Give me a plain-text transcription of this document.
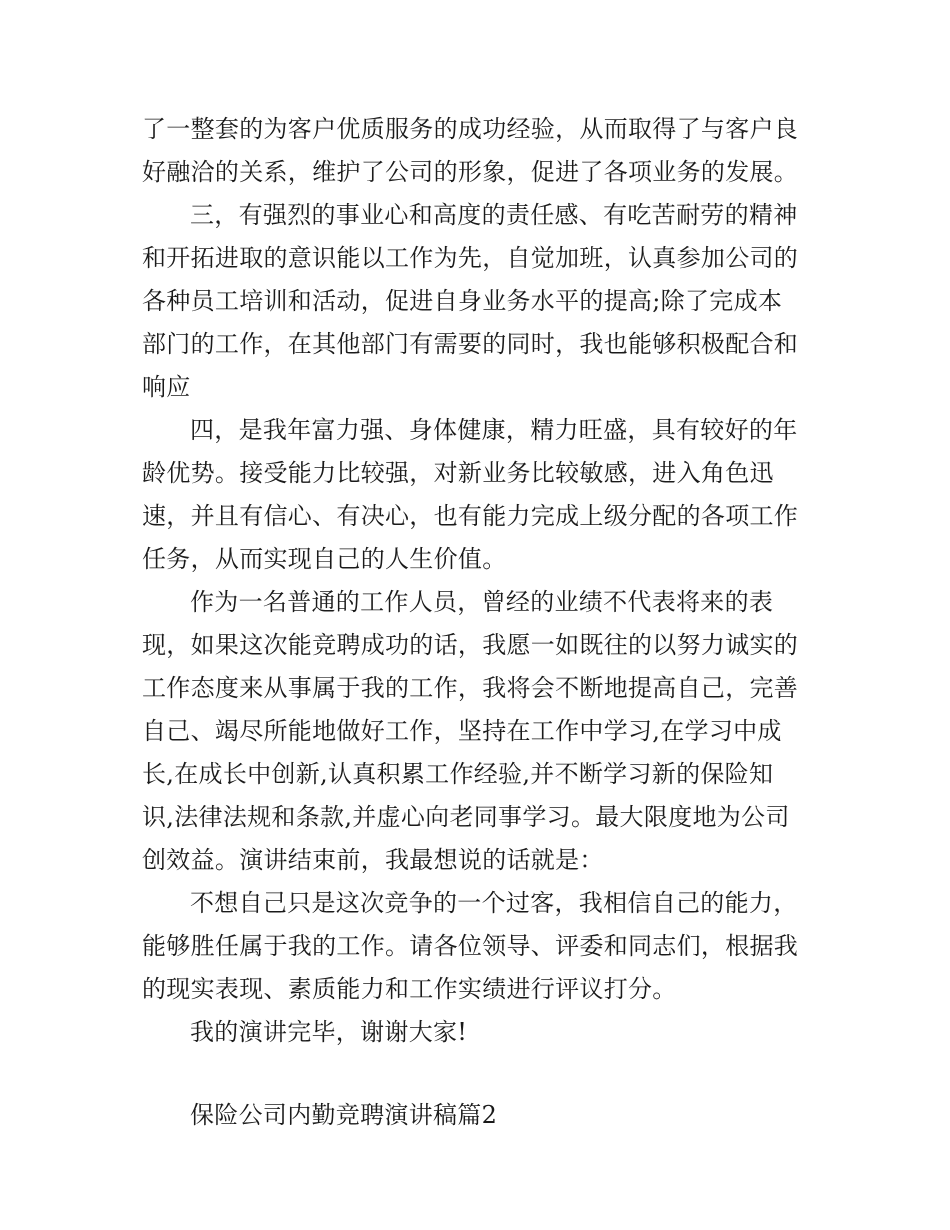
了一整套的为客户优质服务的成功经验，从而取得了与客户良
好融洽的关系，维护了公司的形象，促进了各项业务的发展。
三，有强烈的事业心和高度的责任感、有吃苦耐劳的精神
和开拓进取的意识能以工作为先，自觉加班，认真参加公司的
各种员工培训和活动，促进自身业务水平的提高;除了完成本
部门的工作，在其他部门有需要的同时，我也能够积极配合和
响应
四，是我年富力强、身体健康，精力旺盛，具有较好的年
龄优势。接受能力比较强，对新业务比较敏感，进入角色迅
速，并且有信心、有决心，也有能力完成上级分配的各项工作
任务，从而实现自己的人生价值。
作为一名普通的工作人员，曾经的业绩不代表将来的表
现，如果这次能竞聘成功的话，我愿一如既往的以努力诚实的
工作态度来从事属于我的工作，我将会不断地提高自己，完善
自己、竭尽所能地做好工作，坚持在工作中学习,在学习中成
长,在成长中创新,认真积累工作经验,并不断学习新的保险知
识,法律法规和条款,并虚心向老同事学习。最大限度地为公司
创效益。演讲结束前，我最想说的话就是：
不想自己只是这次竞争的一个过客，我相信自己的能力，
能够胜任属于我的工作。请各位领导、评委和同志们，根据我
的现实表现、素质能力和工作实绩进行评议打分。
我的演讲完毕，谢谢大家!
保险公司内勤竞聘演讲稿篇2
